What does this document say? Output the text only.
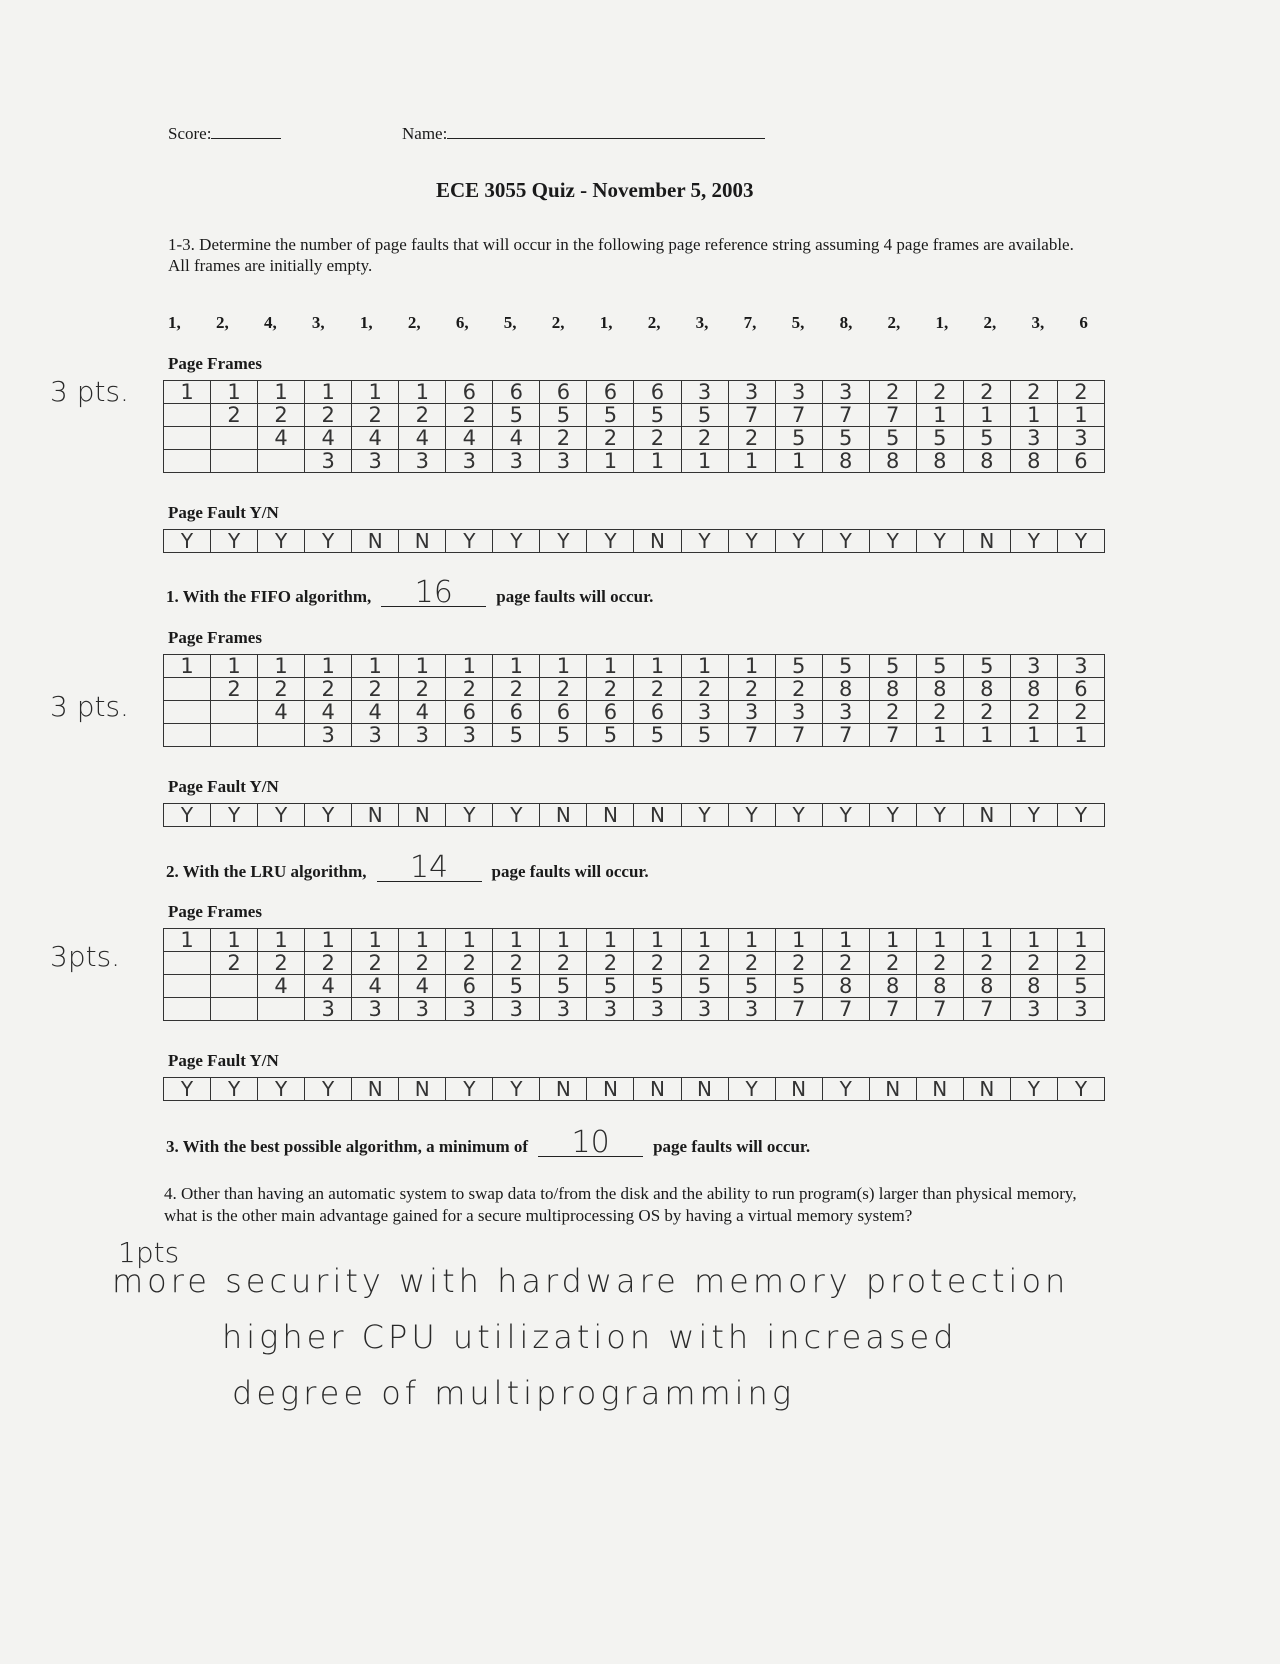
Score:	Name:
ECE 3055 Quiz - November 5, 2003
1-3. Determine the number of page faults that will occur in the following page reference string assuming 4 page frames are available. All frames are initially empty.
1, 2, 4, 3, 1, 2, 6, 5, 2, 1, 2, 3, 7, 5, 8, 2, 1, 2, 3, 6
3 pts.
Page Frames
1	1	1	1	1	1	6	6	6	6	6	3	3	3	3	2	2	2	2	2
	2	2	2	2	2	2	5	5	5	5	5	7	7	7	7	1	1	1	1
		4	4	4	4	4	4	2	2	2	2	2	5	5	5	5	5	3	3
			3	3	3	3	3	3	1	1	1	1	1	8	8	8	8	8	6
Page Fault Y/N
Y	Y	Y	Y	N	N	Y	Y	Y	Y	N	Y	Y	Y	Y	Y	Y	N	Y	Y
1. With the FIFO algorithm, 16	page faults will occur.
3 pts.
Page Frames
1	1	1	1	1	1	1	1	1	1	1	1	1	5	5	5	5	5	3	3
	2	2	2	2	2	2	2	2	2	2	2	2	2	8	8	8	8	8	6
		4	4	4	4	6	6	6	6	6	3	3	3	3	2	2	2	2	2
			3	3	3	3	5	5	5	5	5	7	7	7	7	1	1	1	1
Page Fault Y/N
Y	Y	Y	Y	N	N	Y	Y	N	N	N	Y	Y	Y	Y	Y	Y	N	Y	Y
2. With the LRU algorithm, 14	page faults will occur.
3pts.
Page Frames
1	1	1	1	1	1	1	1	1	1	1	1	1	1	1	1	1	1	1	1
	2	2	2	2	2	2	2	2	2	2	2	2	2	2	2	2	2	2	2
		4	4	4	4	6	5	5	5	5	5	5	5	8	8	8	8	8	5
			3	3	3	3	3	3	3	3	3	3	7	7	7	7	7	3	3
Page Fault Y/N
Y	Y	Y	Y	N	N	Y	Y	N	N	N	N	Y	N	Y	N	N	N	Y	Y
3. With the best possible algorithm, a minimum of 10	page faults will occur.
1pts
4. Other than having an automatic system to swap data to/from the disk and the ability to run program(s) larger than physical memory, what is the other main advantage gained for a secure multiprocessing OS by having a virtual memory system?
more security with hardware memory protection
higher CPU utilization with increased
degree of multiprogramming
